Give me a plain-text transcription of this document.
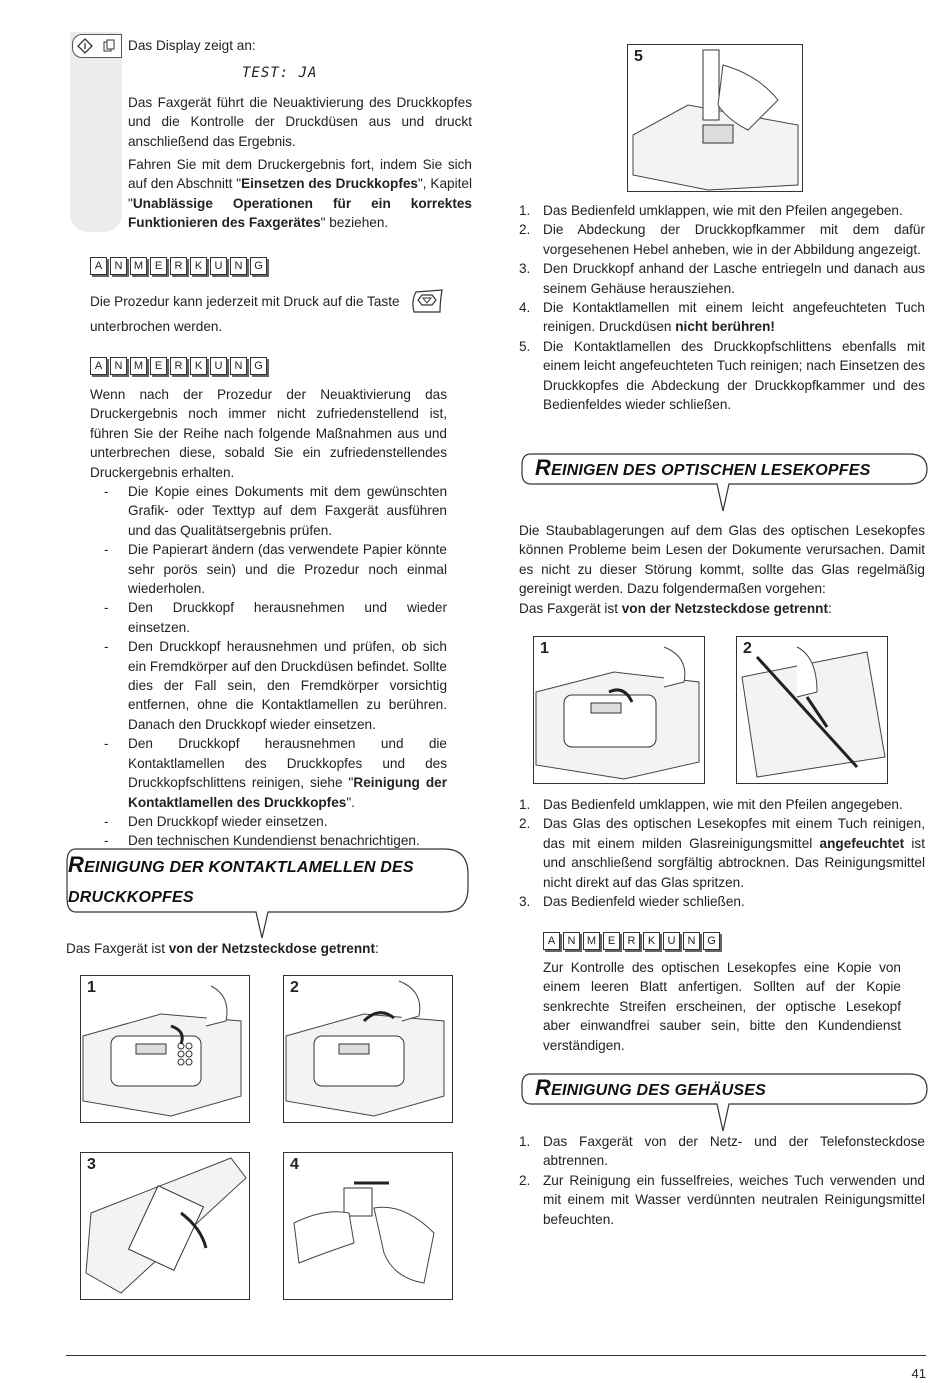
Das Display zeigt an:

TEST: JA

Das Faxgerät führt die Neuaktivierung des Druckkopfes und die Kontrolle der Druckdüsen aus und druckt anschließend das Ergebnis.

Fahren Sie mit dem Druckergebnis fort, indem Sie sich auf den Abschnitt "Einsetzen des Druckkopfes", Kapitel "Unablässige Operationen für ein korrektes Funktionieren des Faxgerätes" beziehen.

A	N	M	E	R	K	U	N	G

Die Prozedur kann jederzeit mit Druck auf die Taste

unterbrochen werden.

A	N	M	E	R	K	U	N	G

Wenn nach der Prozedur der Neuaktivierung das Druckergebnis noch immer nicht zufriedenstellend ist, führen Sie der Reihe nach folgende Maßnahmen aus und unterbrechen diese, sobald Sie ein zufriedenstellendes Druckergebnis erhalten.

- Die Kopie eines Dokuments mit dem gewünschten Grafik- oder Texttyp auf dem Faxgerät ausführen und das Qualitätsergebnis prüfen.
- Die Papierart ändern (das verwendete Papier könnte sehr porös sein) und die Prozedur noch einmal wiederholen.
- Den Druckkopf herausnehmen und wieder einsetzen.
- Den Druckkopf herausnehmen und prüfen, ob sich ein Fremdkörper auf den Druckdüsen befindet. Sollte dies der Fall sein, den Fremdkörper vorsichtig entfernen, ohne die Kontaktlamellen zu berühren. Danach den Druckkopf wieder einsetzen.
- Den Druckkopf herausnehmen und die Kontaktlamellen des Druckkopfes und des Druckkopfschlittens reinigen, siehe "Reinigung der Kontaktlamellen des Druckkopfes".
- Den Druckkopf wieder einsetzen.
- Den technischen Kundendienst benachrichtigen.
REINIGUNG DER KONTAKTLAMELLEN DES
DRUCKKOPFES

Das Faxgerät ist von der Netzsteckdose getrennt:

1	2
3	4
5
1. Das Bedienfeld umklappen, wie mit den Pfeilen angegeben.
2. Die Abdeckung der Druckkopfkammer mit dem dafür vorgesehenen Hebel anheben, wie in der Abbildung angezeigt.
3. Den Druckkopf anhand der Lasche entriegeln und danach aus seinem Gehäuse herausziehen.
4. Die Kontaktlamellen mit einem leicht angefeuchteten Tuch reinigen. Druckdüsen nicht berühren!
5. Die Kontaktlamellen des Druckkopfschlittens ebenfalls mit einem leicht angefeuchteten Tuch reinigen; nach Einsetzen des Druckkopfes die Abdeckung der Druckkopfkammer und des Bedienfeldes wieder schließen.
REINIGEN DES OPTISCHEN LESEKOPFES

Die Staubablagerungen auf dem Glas des optischen Lesekopfes können Probleme beim Lesen der Dokumente verursachen. Damit es nicht zu dieser Störung kommt, sollte das Glas regelmäßig gereinigt werden. Dazu folgendermaßen vorgehen:

Das Faxgerät ist von der Netzsteckdose getrennt:

1	2
1. Das Bedienfeld umklappen, wie mit den Pfeilen angegeben.
2. Das Glas des optischen Lesekopfes mit einem Tuch reinigen, das mit einem milden Glasreinigungsmittel angefeuchtet ist und anschließend sorgfältig abtrocknen. Das Reinigungsmittel nicht direkt auf das Glas spritzen.
3. Das Bedienfeld wieder schließen.
A	N	M	E	R	K	U	N	G

Zur Kontrolle des optischen Lesekopfes eine Kopie von einem leeren Blatt anfertigen. Sollten auf der Kopie senkrechte Streifen erscheinen, der optische Lesekopf aber einwandfrei sauber sein, bitte den Kundendienst verständigen.

REINIGUNG DES GEHÄUSES
1. Das Faxgerät von der Netz- und der Telefonsteckdose abtrennen.
2. Zur Reinigung ein fusselfreies, weiches Tuch verwenden und mit einem mit Wasser verdünnten neutralen Reinigungsmittel befeuchten.
41
